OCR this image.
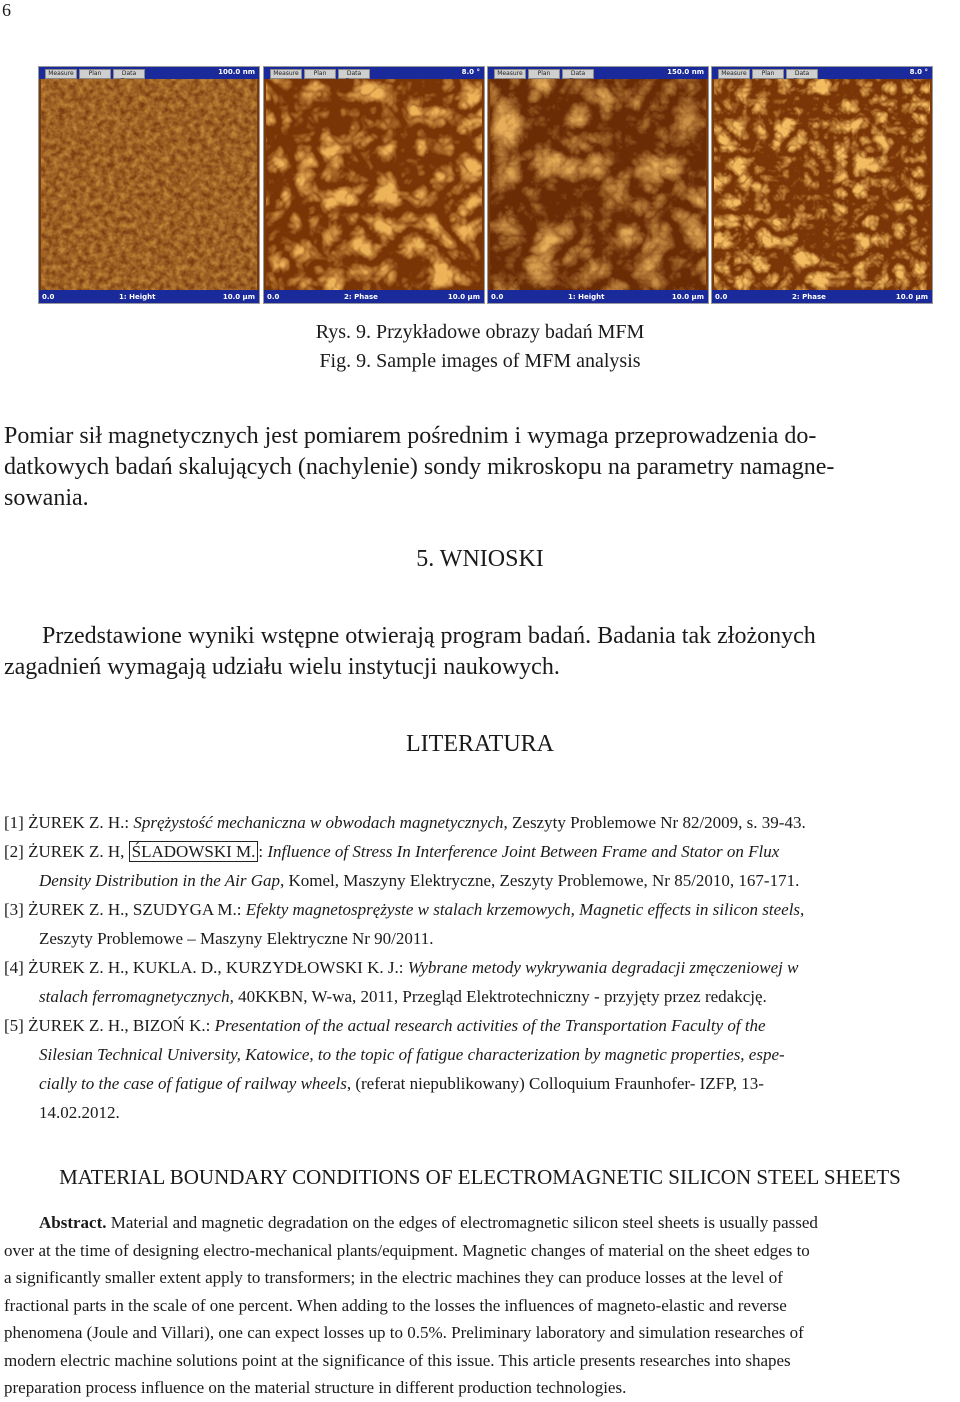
6
Measure	Plan	Data	100.0 nm
0.0	1: Height	10.0 µm
Measure	Plan	Data	8.0 °
0.0	2: Phase	10.0 µm
Measure	Plan	Data	150.0 nm
0.0	1: Height	10.0 µm
Measure	Plan	Data	8.0 °
0.0	2: Phase	10.0 µm
Rys. 9. Przykładowe obrazy badań MFM
Fig. 9. Sample images of MFM analysis
Pomiar sił magnetycznych jest pomiarem pośrednim i wymaga przeprowadzenia do-
datkowych badań skalujących (nachylenie) sondy mikroskopu na parametry namagne-
sowania.
5. WNIOSKI
Przedstawione wyniki wstępne otwierają program badań. Badania tak złożonych
zagadnień wymagają udziału wielu instytucji naukowych.
LITERATURA
[1] ŻUREK Z. H.: Sprężystość mechaniczna w obwodach magnetycznych, Zeszyty Problemowe Nr 82/2009, s. 39-43.
[2] ŻUREK Z. H, ŚLADOWSKI M. : Influence of Stress In Interference Joint Between Frame and Stator on Flux
Density Distribution in the Air Gap, Komel, Maszyny Elektryczne, Zeszyty Problemowe, Nr 85/2010, 167-171.
[3] ŻUREK Z. H., SZUDYGA M.: Efekty magnetosprężyste w stalach krzemowych, Magnetic effects in silicon steels,
Zeszyty Problemowe – Maszyny Elektryczne Nr 90/2011.
[4] ŻUREK Z. H., KUKLA. D., KURZYDŁOWSKI K. J.: Wybrane metody wykrywania degradacji zmęczeniowej w
stalach ferromagnetycznych, 40KKBN, W-wa, 2011, Przegląd Elektrotechniczny - przyjęty przez redakcję.
[5] ŻUREK Z. H., BIZOŃ K.: Presentation of the actual research activities of the Transportation Faculty of the
Silesian Technical University, Katowice, to the topic of fatigue characterization by magnetic properties, espe-
cially to the case of fatigue of railway wheels, (referat niepublikowany) Colloquium Fraunhofer- IZFP, 13-
14.02.2012.
MATERIAL BOUNDARY CONDITIONS OF ELECTROMAGNETIC SILICON STEEL SHEETS
Abstract. Material and magnetic degradation on the edges of electromagnetic silicon steel sheets is usually passed
over at the time of designing electro-mechanical plants/equipment. Magnetic changes of material on the sheet edges to
a significantly smaller extent apply to transformers; in the electric machines they can produce losses at the level of
fractional parts in the scale of one percent. When adding to the losses the influences of magneto-elastic and reverse
phenomena (Joule and Villari), one can expect losses up to 0.5%. Preliminary laboratory and simulation researches of
modern electric machine solutions point at the significance of this issue. This article presents researches into shapes
preparation process influence on the material structure in different production technologies.
